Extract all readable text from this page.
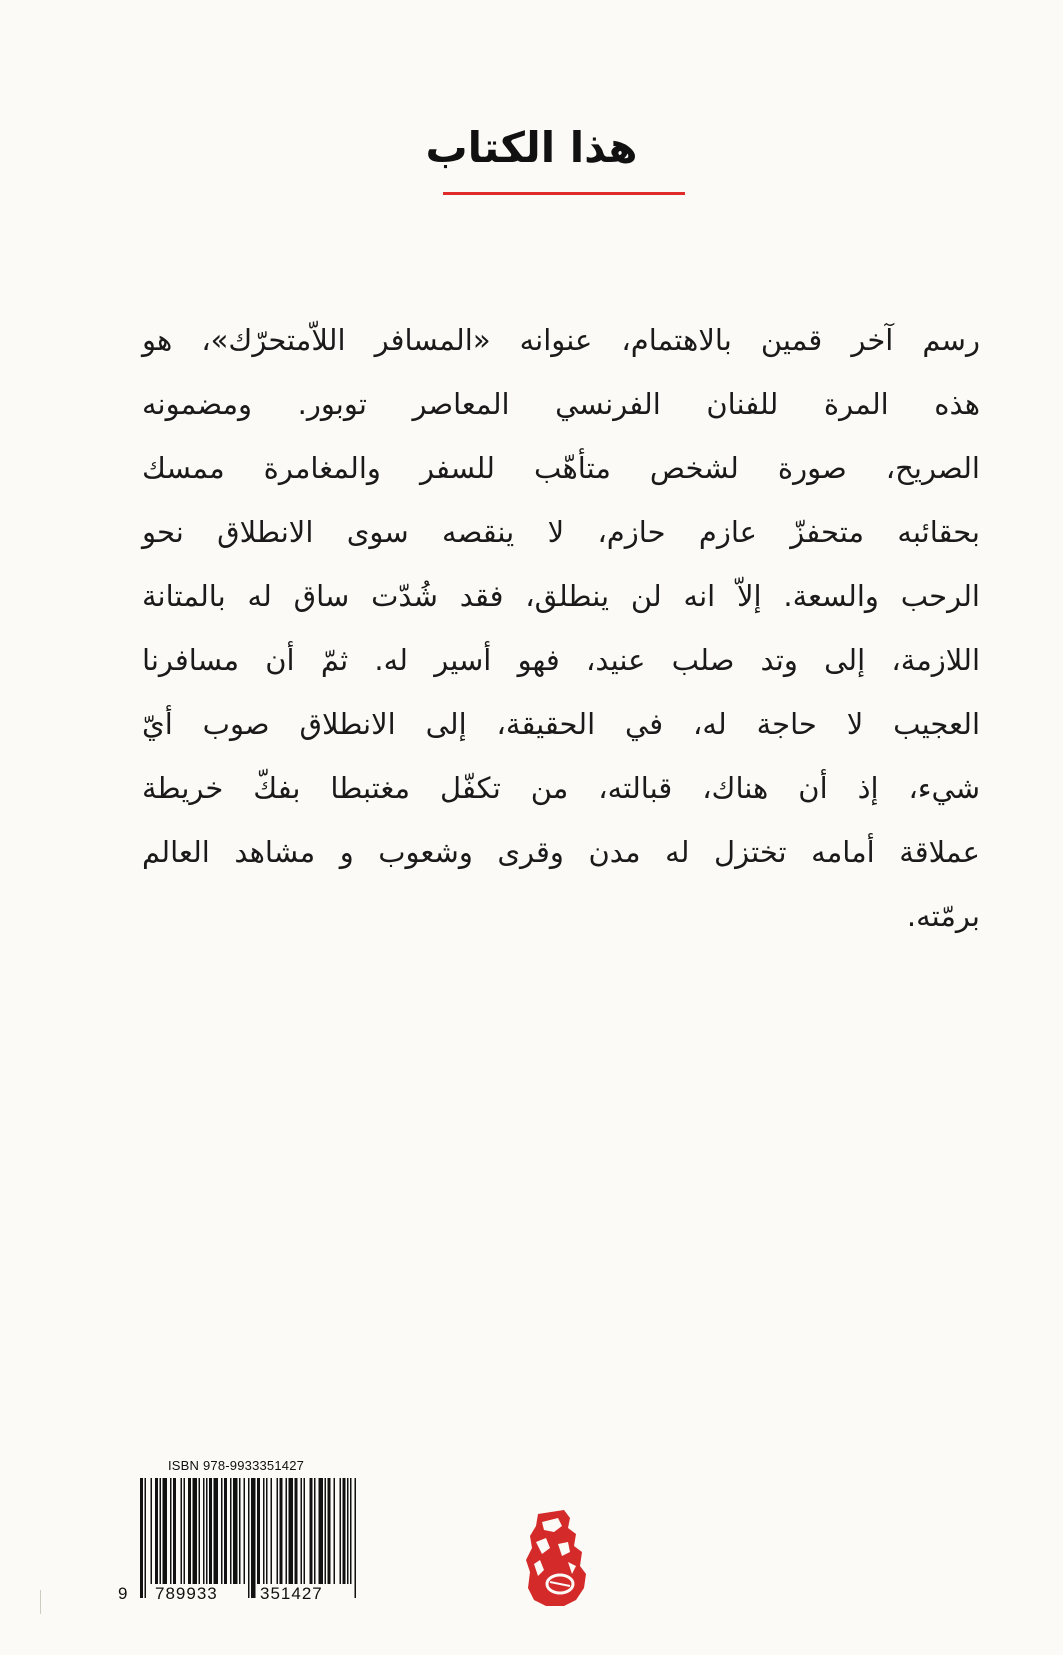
هذا الكتاب
رسم آخر قمين بالاهتمام، عنوانه «المسافر اللاّمتحرّك»، هو
هذه المرة للفنان الفرنسي المعاصر توبور. ومضمونه
الصريح، صورة لشخص متأهّب للسفر والمغامرة ممسك
بحقائبه متحفزّ عازم حازم، لا ينقصه سوى الانطلاق نحو
الرحب والسعة. إلاّ انه لن ينطلق، فقد شُدّت ساق له بالمتانة
اللازمة، إلى وتد صلب عنيد، فهو أسير له. ثمّ أن مسافرنا
العجيب لا حاجة له، في الحقيقة، إلى الانطلاق صوب أيّ
شيء، إذ أن هناك، قبالته، من تكفّل مغتبطا بفكّ خريطة
عملاقة أمامه تختزل له مدن وقرى وشعوب و مشاهد العالم
برمّته.
ISBN 978-9933351427
9 789933 351427
